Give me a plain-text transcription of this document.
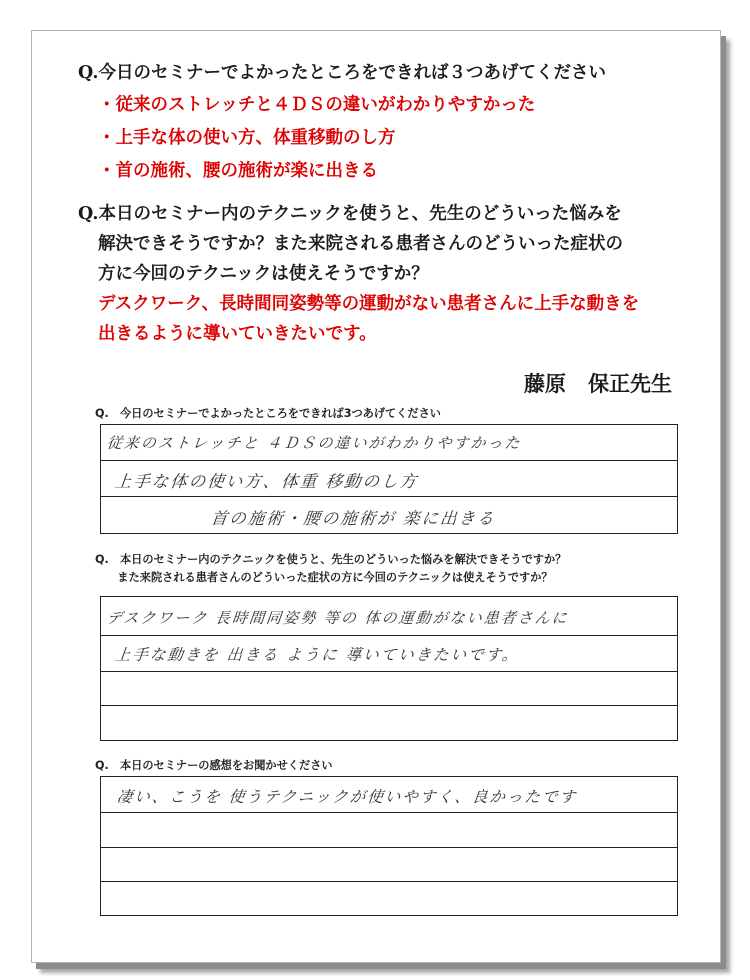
Q.今日のセミナーでよかったところをできれば３つあげてください
・従来のストレッチと４ＤＳの違いがわかりやすかった
・上手な体の使い方、体重移動のし方
・首の施術、腰の施術が楽に出きる
Q.本日のセミナー内のテクニックを使うと、先生のどういった悩みを
解決できそうですか？また来院される患者さんのどういった症状の
方に今回のテクニックは使えそうですか？
デスクワーク、長時間同姿勢等の運動がない患者さんに上手な動きを
出きるように導いていきたいです。
藤原 保正先生
Q.　今日のセミナーでよかったところをできれば3つあげてください
従来のストレッチと ４ＤＳの違いがわかりやすかった
上手な体の使い方、体重 移動のし方
首の施術・腰の施術が 楽に出きる
Q.　本日のセミナー内のテクニックを使うと、先生のどういった悩みを解決できそうですか？
　　また来院される患者さんのどういった症状の方に今回のテクニックは使えそうですか？
デスクワーク 長時間同姿勢 等の 体の運動がない患者さんに
上手な動きを 出きる ように 導いていきたいです。
Q.　本日のセミナーの感想をお聞かせください
凄い、こうを 使うテクニックが使いやすく、良かったです
